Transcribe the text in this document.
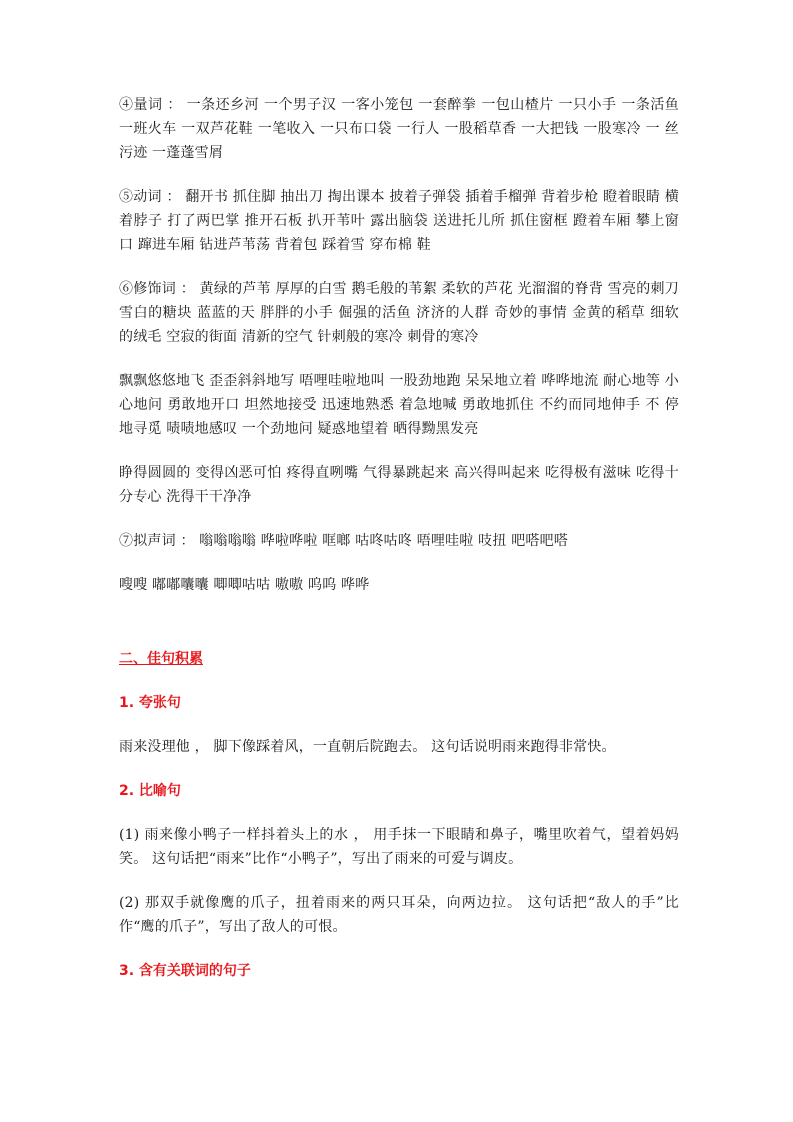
④量词 ： 一条还乡河 一个男子汉 一客小笼包 一套醉拳 一包山楂片 一只小手 一条活鱼 一班火车 一双芦花鞋 一笔收入 一只布口袋 一行人 一股稻草香 一大把钱 一股寒冷 一 丝污迹 一蓬蓬雪屑

⑤动词 ： 翻开书 抓住脚 抽出刀 掏出课本 披着子弹袋 插着手榴弹 背着步枪 瞪着眼睛 横着脖子 打了两巴掌 推开石板 扒开苇叶 露出脑袋 送进托儿所 抓住窗框 蹬着车厢 攀上窗口 蹿进车厢 钻进芦苇荡 背着包 踩着雪 穿布棉 鞋

⑥修饰词 ： 黄绿的芦苇 厚厚的白雪 鹅毛般的苇絮 柔软的芦花 光溜溜的脊背 雪亮的刺刀 雪白的糖块 蓝蓝的天 胖胖的小手 倔强的活鱼 济济的人群 奇妙的事情 金黄的稻草 细软 的绒毛 空寂的街面 清新的空气 针刺般的寒冷 刺骨的寒冷

飘飘悠悠地飞 歪歪斜斜地写 唔哩哇啦地叫 一股劲地跑 呆呆地立着 哗哗地流 耐心地等 小心地问 勇敢地开口 坦然地接受 迅速地熟悉 着急地喊 勇敢地抓住 不约而同地伸手 不 停地寻觅 啧啧地感叹 一个劲地问 疑惑地望着 晒得黝黑发亮

睁得圆圆的 变得凶恶可怕 疼得直咧嘴 气得暴跳起来 高兴得叫起来 吃得极有滋味 吃得十分专心 洗得干干净净

⑦拟声词 ： 嗡嗡嗡嗡 哗啦哗啦 哐啷 咕咚咕咚 唔哩哇啦 吱扭 吧嗒吧嗒

嗖嗖 嘟嘟囔囔 唧唧咕咕 嗷嗷 呜呜 哗哗

二、佳句积累

1. 夸张句

雨来没理他 ， 脚下像踩着风，一直朝后院跑去。 这句话说明雨来跑得非常快。

2. 比喻句

(1) 雨来像小鸭子一样抖着头上的水 ， 用手抹一下眼睛和鼻子，嘴里吹着气，望着妈妈笑。 这句话把“雨来”比作“小鸭子”，写出了雨来的可爱与调皮。

(2) 那双手就像鹰的爪子，扭着雨来的两只耳朵，向两边拉。 这句话把“敌人的手”比作“鹰的爪子”，写出了敌人的可恨。

3. 含有关联词的句子
